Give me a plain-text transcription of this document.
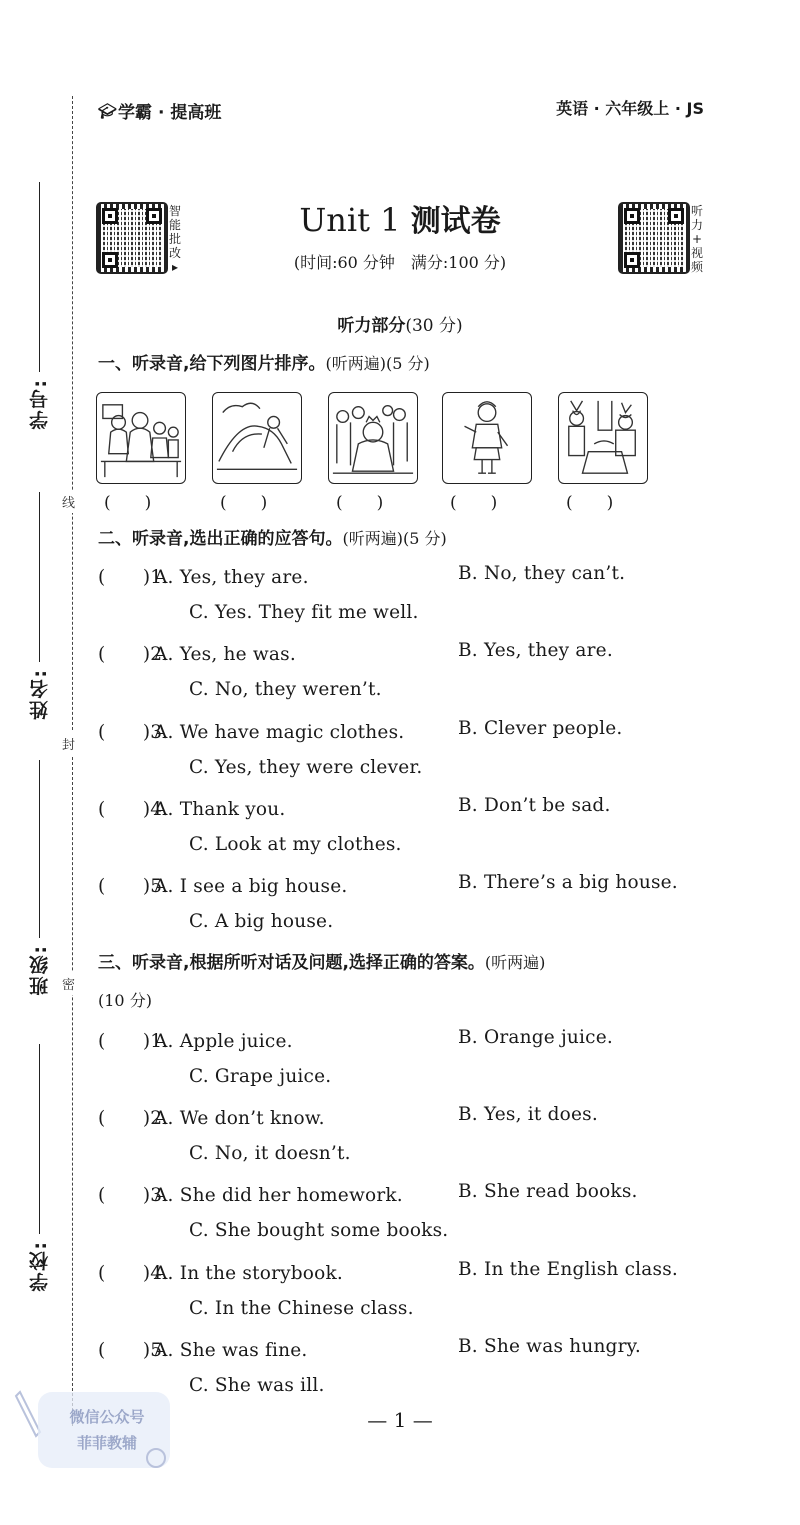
线
封
密
学号:
姓名:
班级:
学校:
🎓︎ 学霸 · 提高班	英语 · 六年级上 · JS
智
能
批
改
▸
听
力
+
视
频
Unit 1 测试卷
(时间:60 分钟　满分:100 分)
听力部分(30 分)
一、听录音,给下列图片排序。(听两遍)(5 分)
(　　)	(　　)	(　　)	(　　)	(　　)
二、听录音,选出正确的应答句。(听两遍)(5 分)
(　　)1.A. Yes, they are.	B. No, they can’t.
C. Yes. They fit me well.
(　　)2.A. Yes, he was.	B. Yes, they are.
C. No, they weren’t.
(　　)3.A. We have magic clothes.	B. Clever people.
C. Yes, they were clever.
(　　)4.A. Thank you.	B. Don’t be sad.
C. Look at my clothes.
(　　)5.A. I see a big house.	B. There’s a big house.
C. A big house.
三、听录音,根据所听对话及问题,选择正确的答案。(听两遍)
(10 分)
(　　)1.A. Apple juice.	B. Orange juice.
C. Grape juice.
(　　)2.A. We don’t know.	B. Yes, it does.
C. No, it doesn’t.
(　　)3.A. She did her homework.	B. She read books.
C. She bought some books.
(　　)4.A. In the storybook.	B. In the English class.
C. In the Chinese class.
(　　)5.A. She was fine.	B. She was hungry.
C. She was ill.
— 1 —
微信公众号
菲菲教辅
